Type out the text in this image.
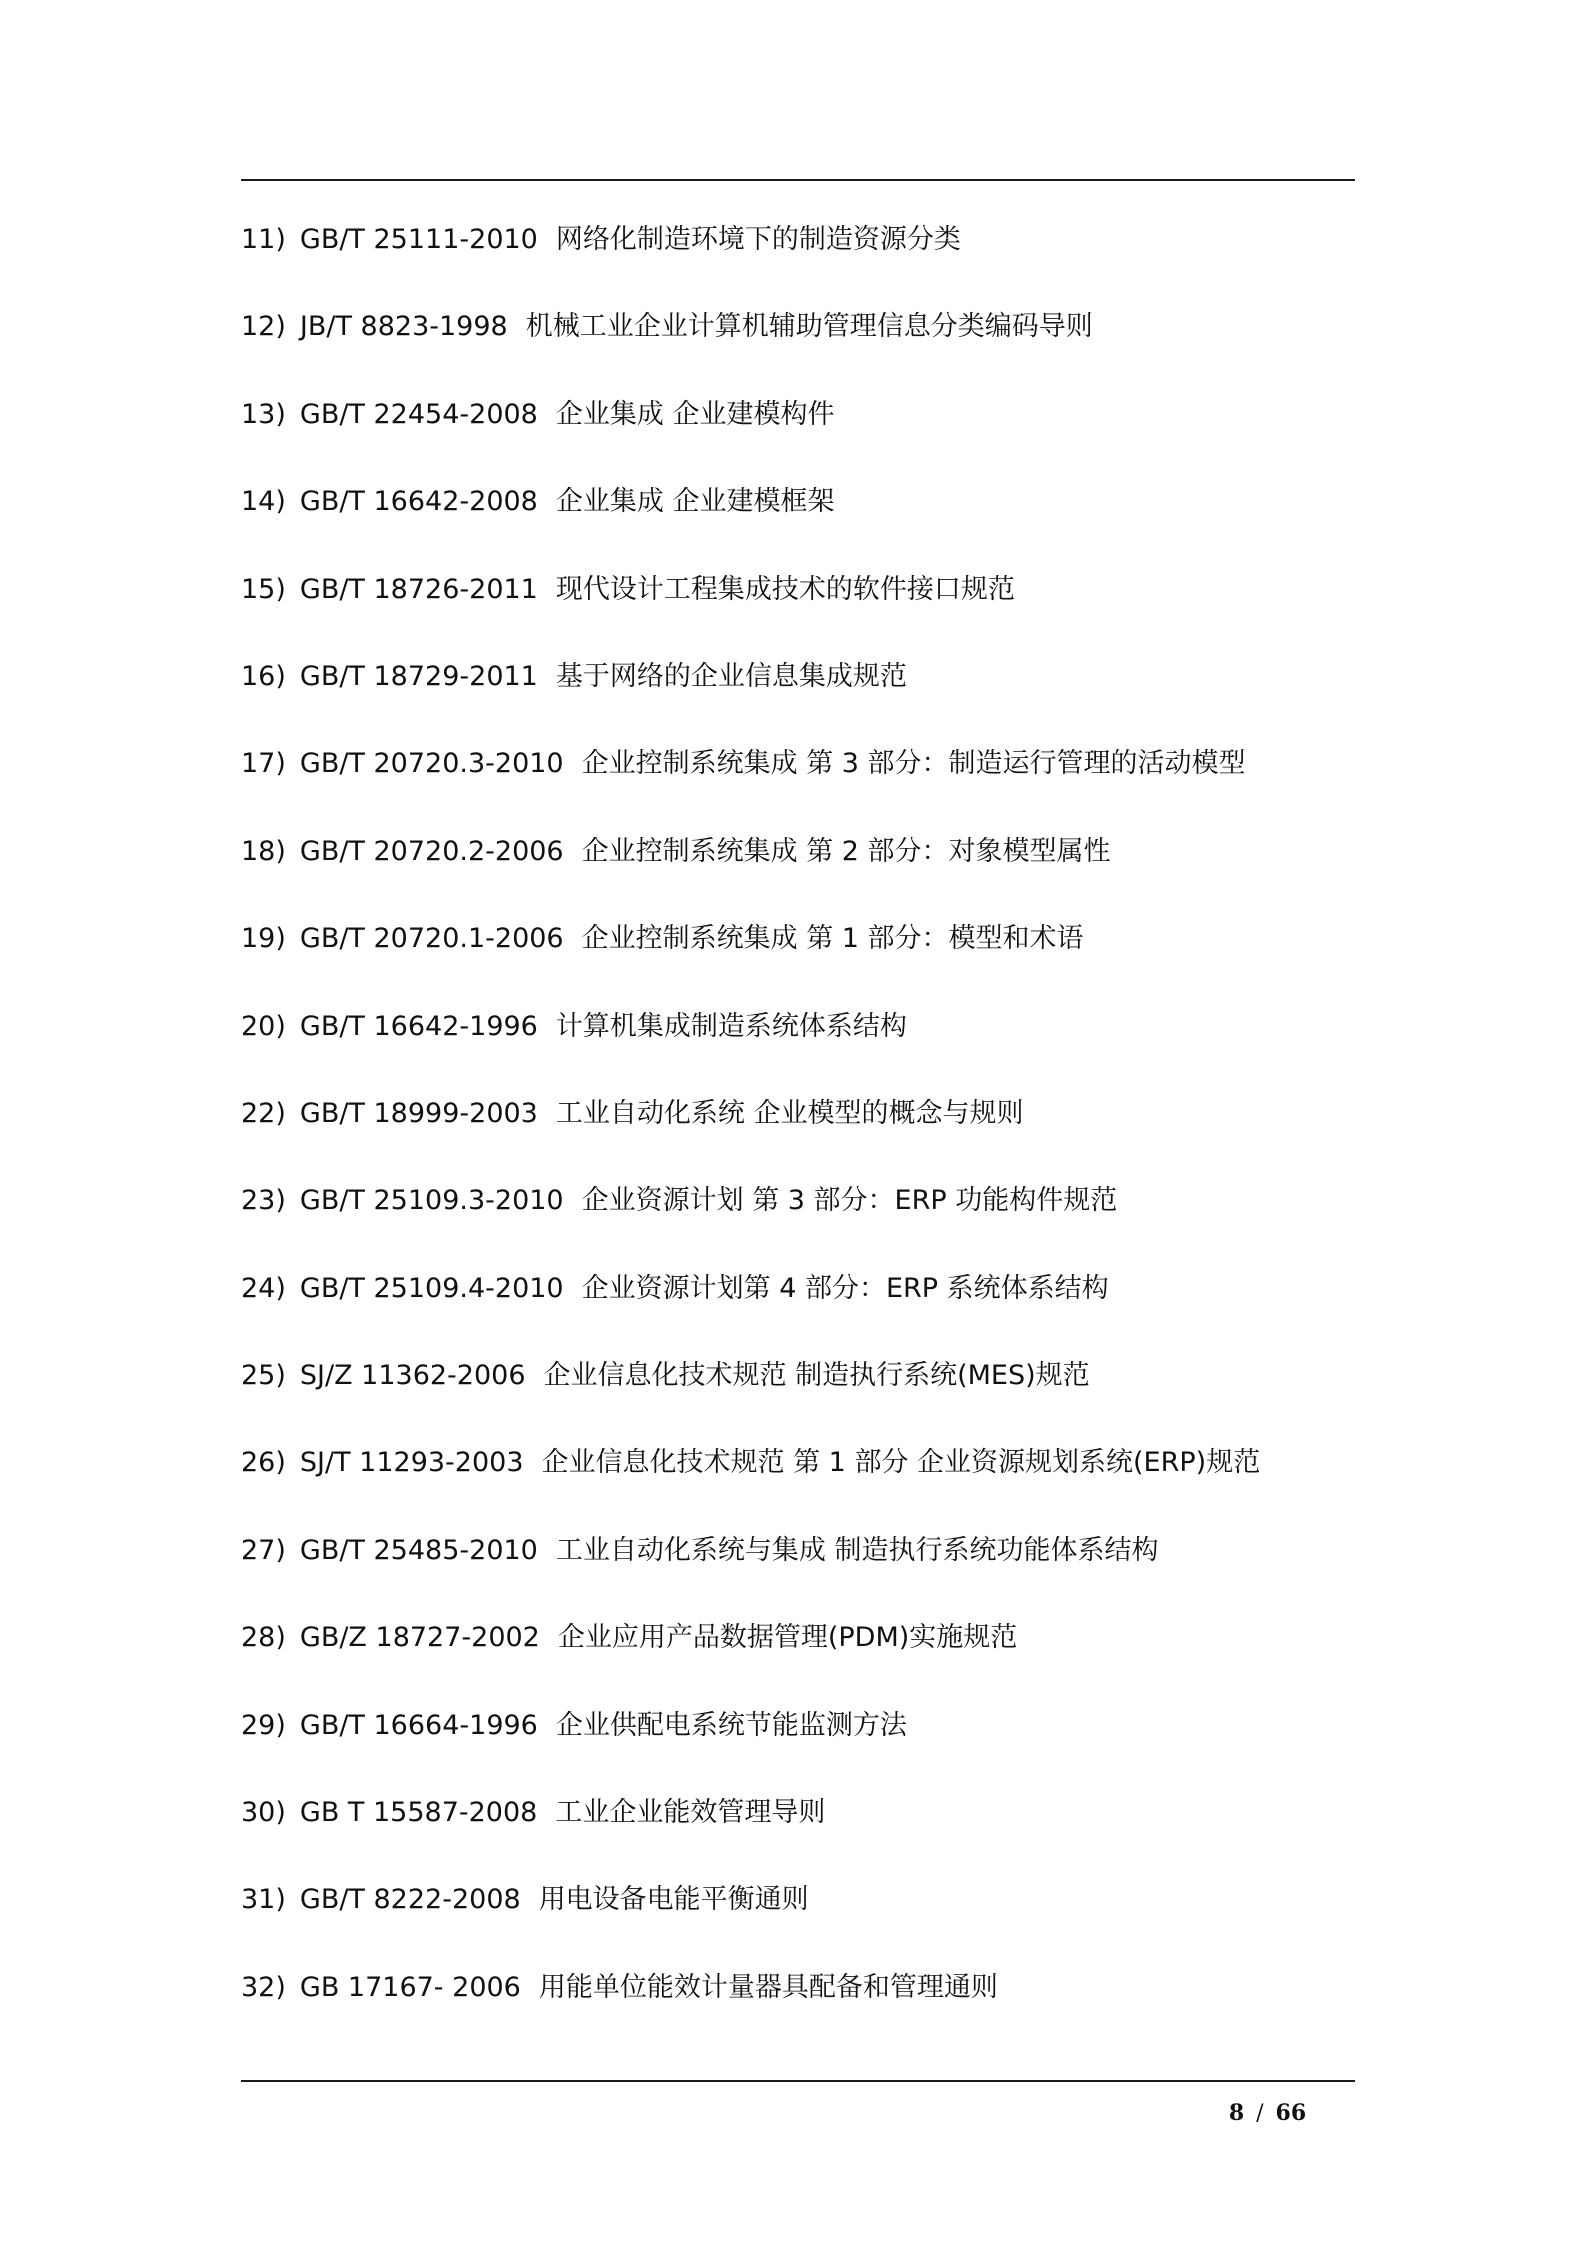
11) GB/T 25111-2010 网络化制造环境下的制造资源分类
12) JB/T 8823-1998 机械工业企业计算机辅助管理信息分类编码导则
13) GB/T 22454-2008 企业集成 企业建模构件
14) GB/T 16642-2008 企业集成 企业建模框架
15) GB/T 18726-2011 现代设计工程集成技术的软件接口规范
16) GB/T 18729-2011 基于网络的企业信息集成规范
17) GB/T 20720.3-2010 企业控制系统集成 第 3 部分：制造运行管理的活动模型
18) GB/T 20720.2-2006 企业控制系统集成 第 2 部分：对象模型属性
19) GB/T 20720.1-2006 企业控制系统集成 第 1 部分：模型和术语
20) GB/T 16642-1996 计算机集成制造系统体系结构
22) GB/T 18999-2003 工业自动化系统 企业模型的概念与规则
23) GB/T 25109.3-2010 企业资源计划 第 3 部分：ERP 功能构件规范
24) GB/T 25109.4-2010 企业资源计划第 4 部分：ERP 系统体系结构
25) SJ/Z 11362-2006 企业信息化技术规范 制造执行系统(MES)规范
26) SJ/T 11293-2003 企业信息化技术规范 第 1 部分 企业资源规划系统(ERP)规范
27) GB/T 25485-2010 工业自动化系统与集成 制造执行系统功能体系结构
28) GB/Z 18727-2002 企业应用产品数据管理(PDM)实施规范
29) GB/T 16664-1996 企业供配电系统节能监测方法
30) GB T 15587-2008 工业企业能效管理导则
31) GB/T 8222-2008 用电设备电能平衡通则
32) GB 17167- 2006 用能单位能效计量器具配备和管理通则
8 / 66
